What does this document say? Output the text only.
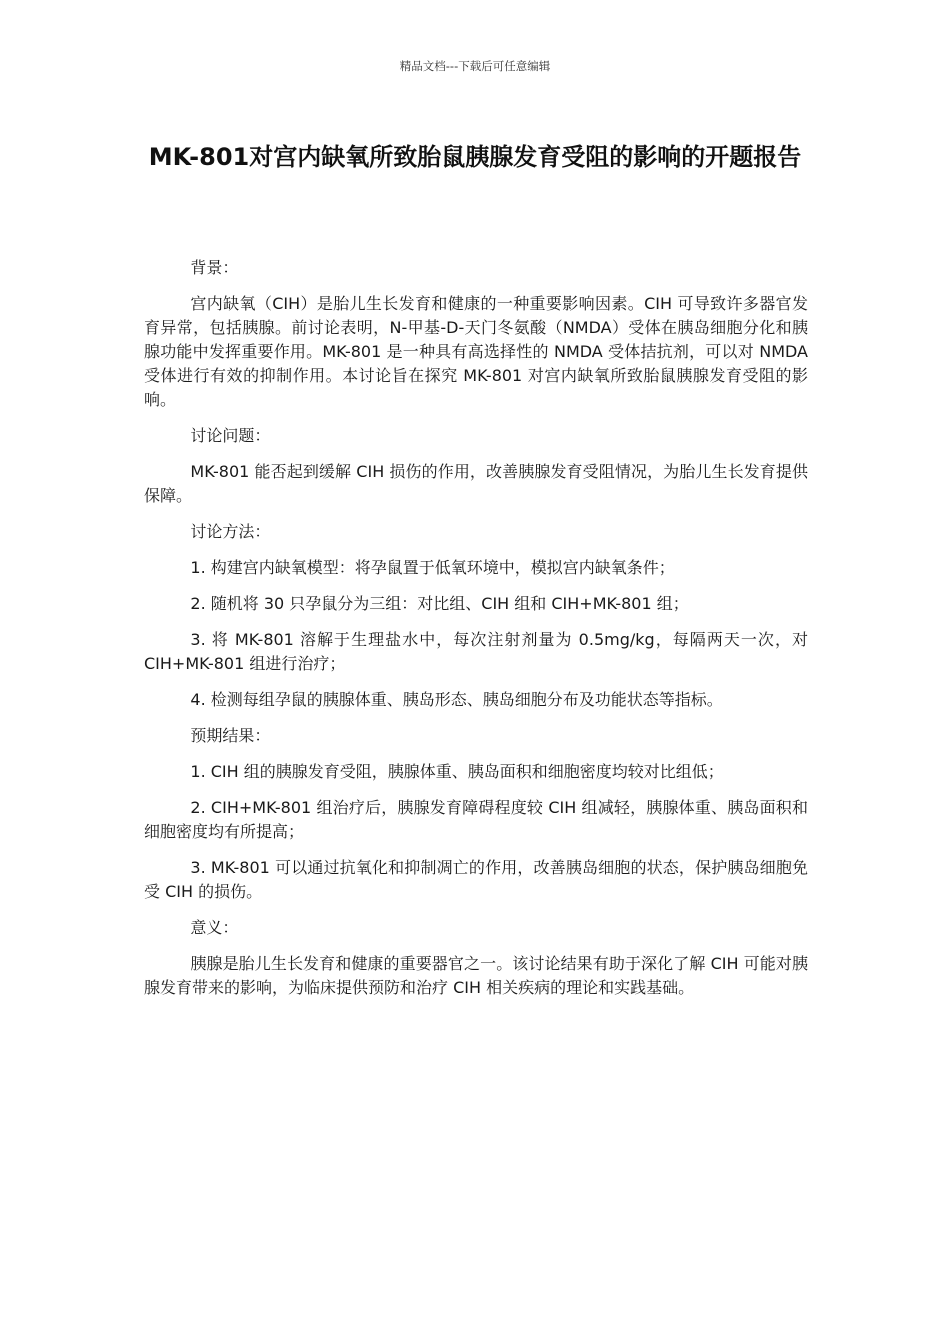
精品文档---下载后可任意编辑
MK-801对宫内缺氧所致胎鼠胰腺发育受阻的影响的开题报告

背景：

宫内缺氧（CIH）是胎儿生长发育和健康的一种重要影响因素。CIH 可导致许多器官发育异常，包括胰腺。前讨论表明，N-甲基-D-天门冬氨酸（NMDA）受体在胰岛细胞分化和胰腺功能中发挥重要作用。MK-801 是一种具有高选择性的 NMDA 受体拮抗剂，可以对 NMDA 受体进行有效的抑制作用。本讨论旨在探究 MK-801 对宫内缺氧所致胎鼠胰腺发育受阻的影响。

讨论问题：

MK-801 能否起到缓解 CIH 损伤的作用，改善胰腺发育受阻情况，为胎儿生长发育提供保障。

讨论方法：

1. 构建宫内缺氧模型：将孕鼠置于低氧环境中，模拟宫内缺氧条件；

2. 随机将 30 只孕鼠分为三组：对比组、CIH 组和 CIH+MK-801 组；

3. 将 MK-801 溶解于生理盐水中，每次注射剂量为 0.5mg/kg，每隔两天一次，对 CIH+MK-801 组进行治疗；

4. 检测每组孕鼠的胰腺体重、胰岛形态、胰岛细胞分布及功能状态等指标。

预期结果：

1. CIH 组的胰腺发育受阻，胰腺体重、胰岛面积和细胞密度均较对比组低；

2. CIH+MK-801 组治疗后，胰腺发育障碍程度较 CIH 组减轻，胰腺体重、胰岛面积和细胞密度均有所提高；

3. MK-801 可以通过抗氧化和抑制凋亡的作用，改善胰岛细胞的状态，保护胰岛细胞免受 CIH 的损伤。

意义：

胰腺是胎儿生长发育和健康的重要器官之一。该讨论结果有助于深化了解 CIH 可能对胰腺发育带来的影响，为临床提供预防和治疗 CIH 相关疾病的理论和实践基础。
